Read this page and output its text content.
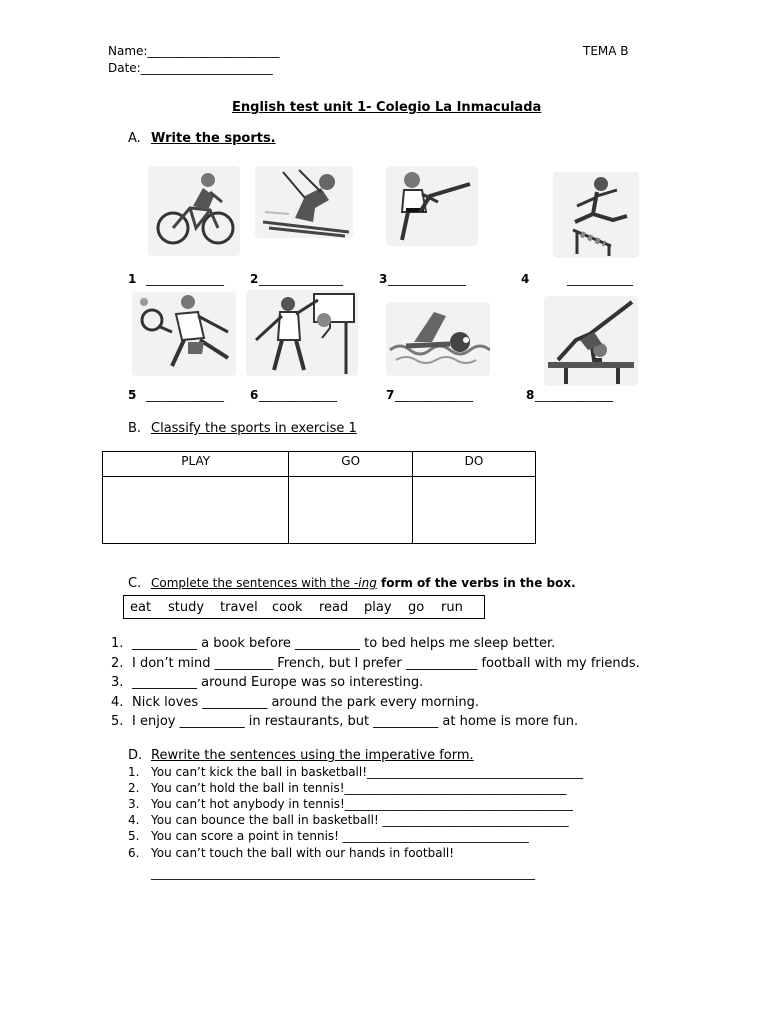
Name:______________________
Date:______________________
TEMA B
English test unit 1- Colegio La Inmaculada
A. Write the sports.
1 _____________ 2 ______________	3 _____________	4	___________
5 _____________ 6 _____________	7 _____________	8 _____________
B. Classify the sports in exercise 1
PLAY	GO	DO

C. Complete the sentences with the -ing form of the verbs in the box.
eat study travel cook read play go run
1. __________ a book before __________ to bed helps me sleep better.
2. I don’t mind _________ French, but I prefer ___________ football with my friends.
3. __________ around Europe was so interesting.
4. Nick loves __________ around the park every morning.
5. I enjoy __________ in restaurants, but __________ at home is more fun.
D. Rewrite the sentences using the imperative form.
1. You can’t kick the ball in basketball!____________________________________
2. You can’t hold the ball in tennis!_____________________________________
3. You can’t hot anybody in tennis!______________________________________
4. You can bounce the ball in basketball! _______________________________
5. You can score a point in tennis! _______________________________
6. You can’t touch the ball with our hands in football!
________________________________________________________________
